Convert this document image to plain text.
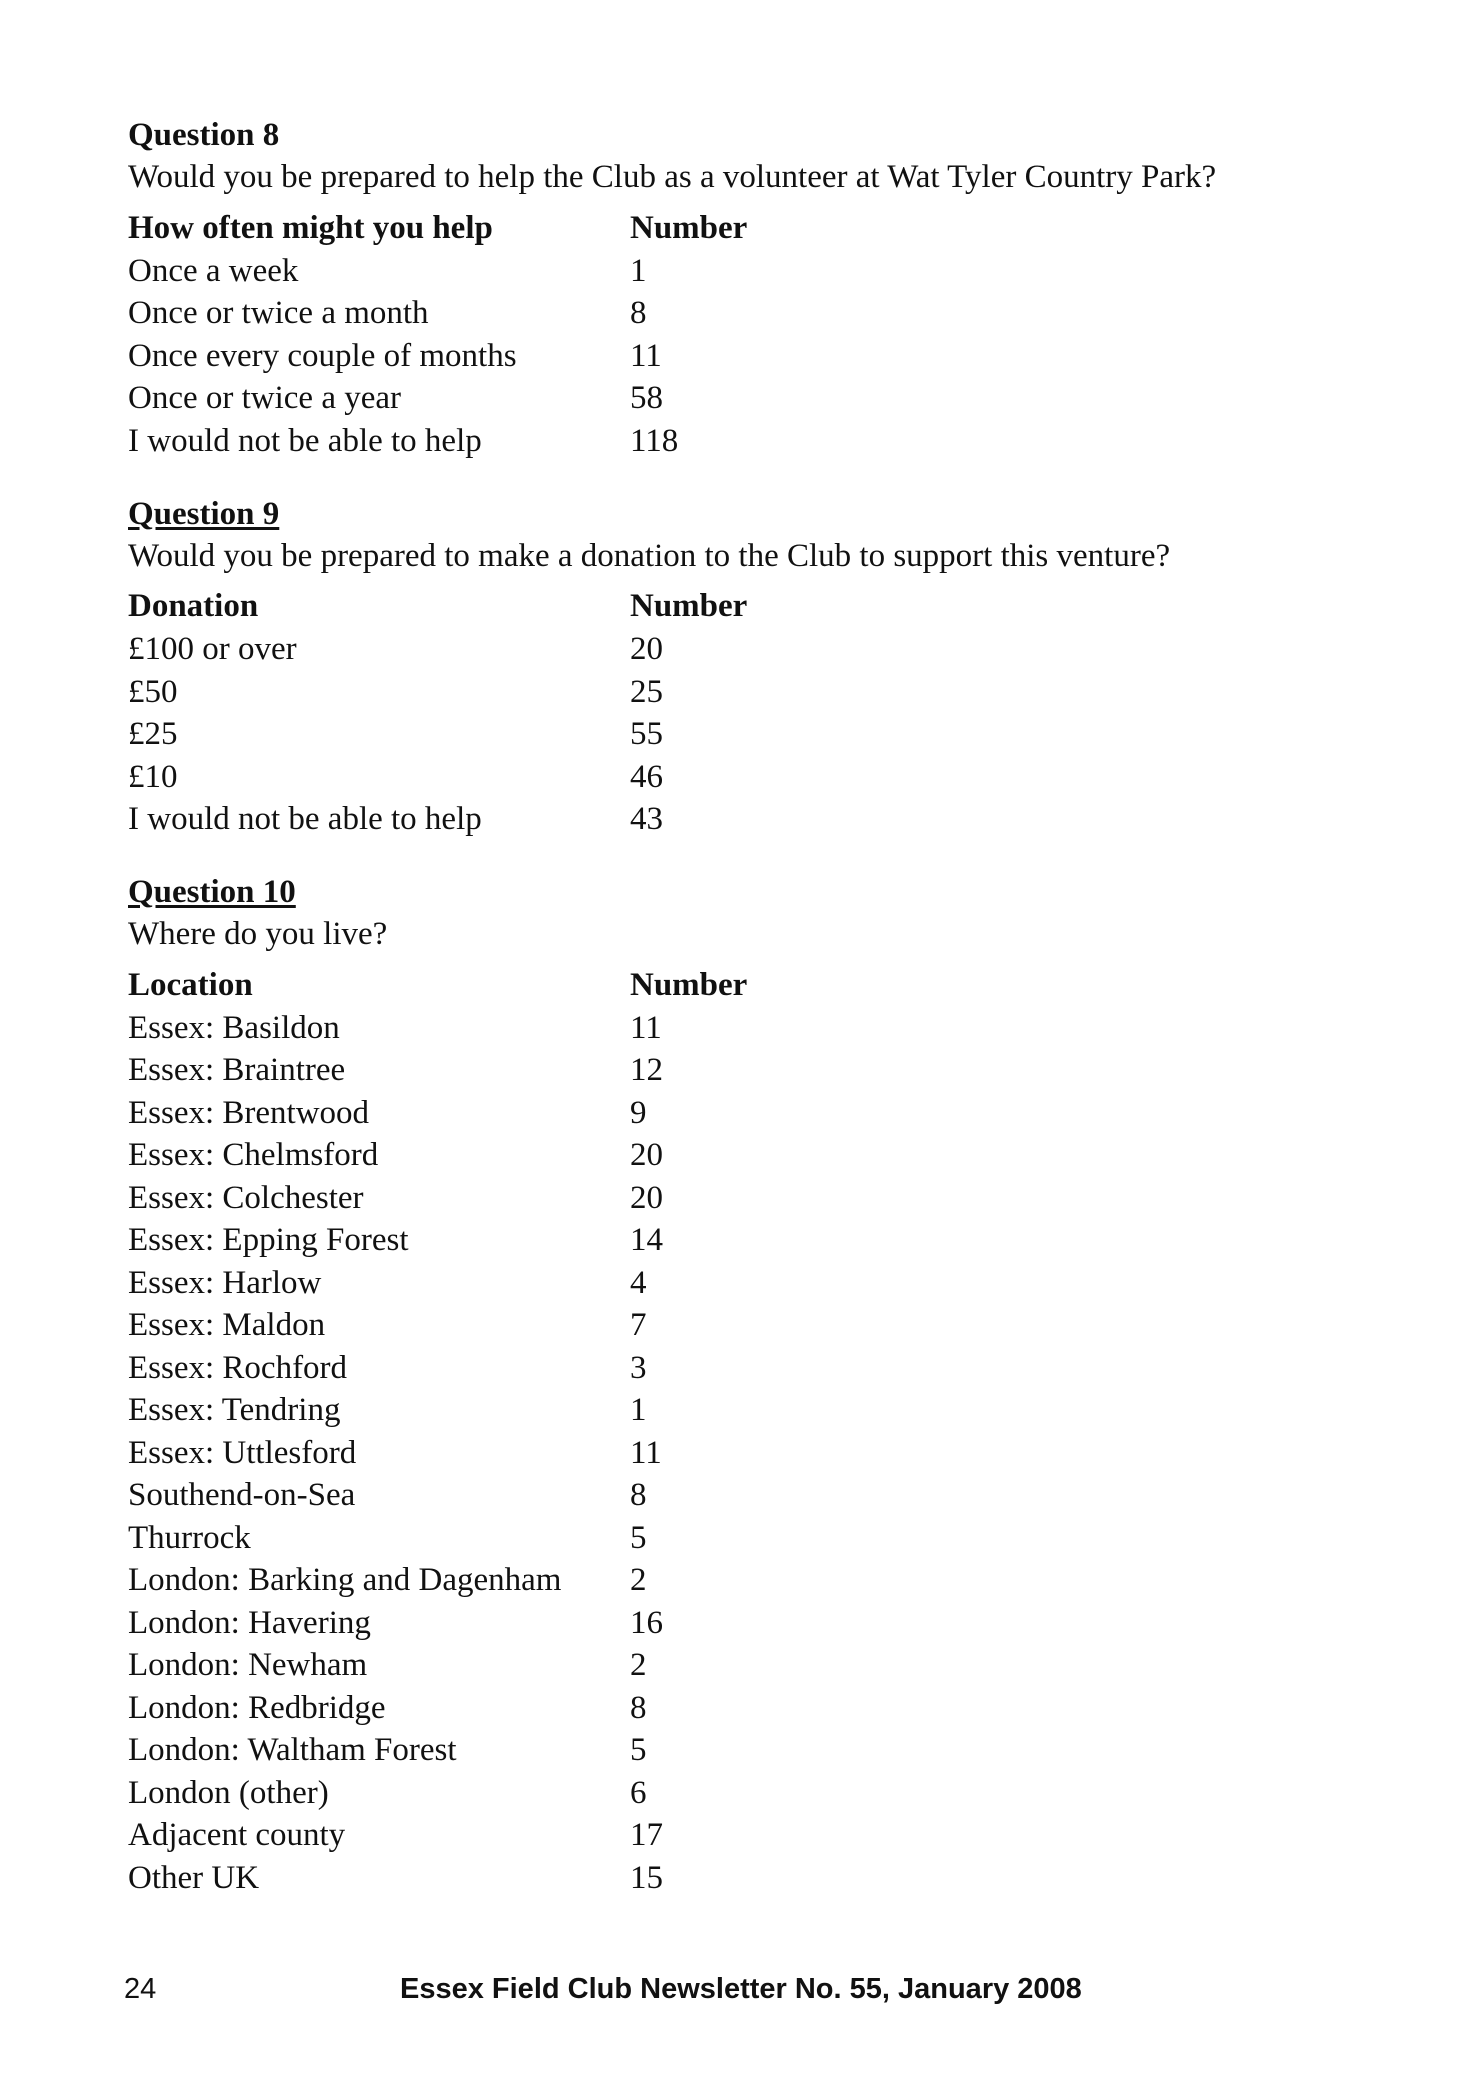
Question 8

Would you be prepared to help the Club as a volunteer at Wat Tyler Country Park?

How often might you help	Number
Once a week	1
Once or twice a month	8
Once every couple of months	11
Once or twice a year	58
I would not be able to help	118

Question 9

Would you be prepared to make a donation to the Club to support this venture?

Donation	Number
£100 or over	20
£50	25
£25	55
£10	46
I would not be able to help	43

Question 10

Where do you live?

Location	Number
Essex: Basildon	11
Essex: Braintree	12
Essex: Brentwood	9
Essex: Chelmsford	20
Essex: Colchester	20
Essex: Epping Forest	14
Essex: Harlow	4
Essex: Maldon	7
Essex: Rochford	3
Essex: Tendring	1
Essex: Uttlesford	11
Southend-on-Sea	8
Thurrock	5
London: Barking and Dagenham	2
London: Havering	16
London: Newham	2
London: Redbridge	8
London: Waltham Forest	5
London (other)	6
Adjacent county	17
Other UK	15
24	Essex Field Club Newsletter No. 55, January 2008
